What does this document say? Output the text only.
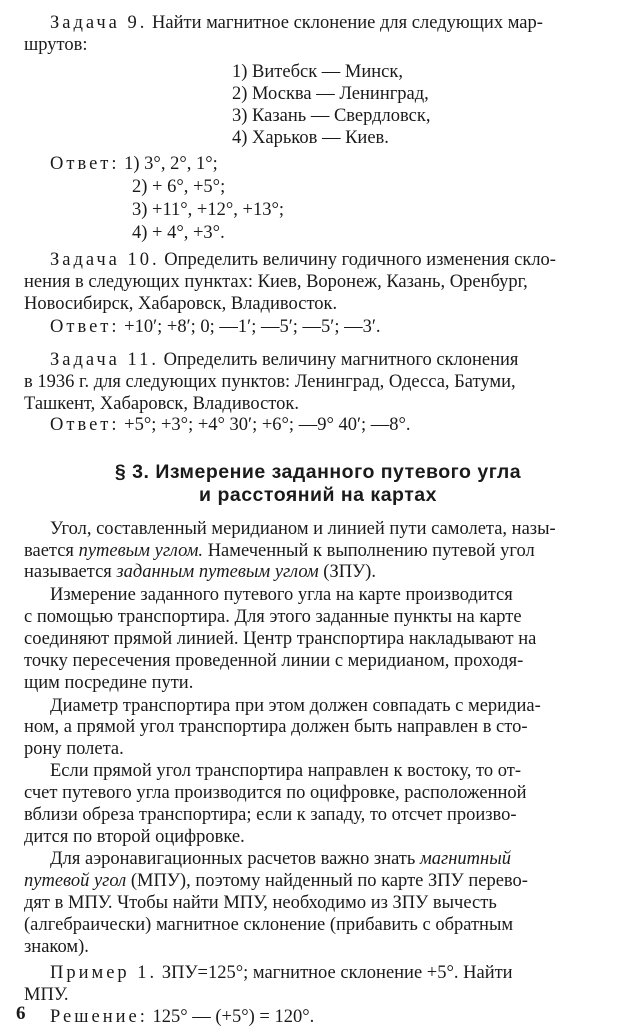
Задача 9. Найти магнитное склонение для следующих мар-
шрутов:
1) Витебск — Минск,
2) Москва — Ленинград,
3) Казань — Свердловск,
4) Харьков — Киев.
Ответ: 1) 3°, 2°, 1°;
2) + 6°, +5°;
3) +11°, +12°, +13°;
4) + 4°, +3°.
Задача 10. Определить величину годичного изменения скло-
нения в следующих пунктах: Киев, Воронеж, Казань, Оренбург,
Новосибирск, Хабаровск, Владивосток.
Ответ: +10′; +8′; 0; —1′; —5′; —5′; —3′.
Задача 11. Определить величину магнитного склонения
в 1936 г. для следующих пунктов: Ленинград, Одесса, Батуми,
Ташкент, Хабаровск, Владивосток.
Ответ: +5°; +3°; +4° 30′; +6°; —9° 40′; —8°.
§ 3. Измерение заданного путевого угла
и расстояний на картах
Угол, составленный меридианом и линией пути самолета, назы-
вается путевым углом. Намеченный к выполнению путевой угол
называется заданным путевым углом (ЗПУ).
Измерение заданного путевого угла на карте производится
с помощью транспортира. Для этого заданные пункты на карте
соединяют прямой линией. Центр транспортира накладывают на
точку пересечения проведенной линии с меридианом, проходя-
щим посредине пути.
Диаметр транспортира при этом должен совпадать с меридиа-
ном, а прямой угол транспортира должен быть направлен в сто-
рону полета.
Если прямой угол транспортира направлен к востоку, то от-
счет путевого угла производится по оцифровке, расположенной
вблизи обреза транспортира; если к западу, то отсчет произво-
дится по второй оцифровке.
Для аэронавигационных расчетов важно знать магнитный
путевой угол (МПУ), поэтому найденный по карте ЗПУ перево-
дят в МПУ. Чтобы найти МПУ, необходимо из ЗПУ вычесть
(алгебраически) магнитное склонение (прибавить с обратным
знаком).
Пример 1. ЗПУ=125°; магнитное склонение +5°. Найти
МПУ.
Решение: 125° — (+5°) = 120°.
6
